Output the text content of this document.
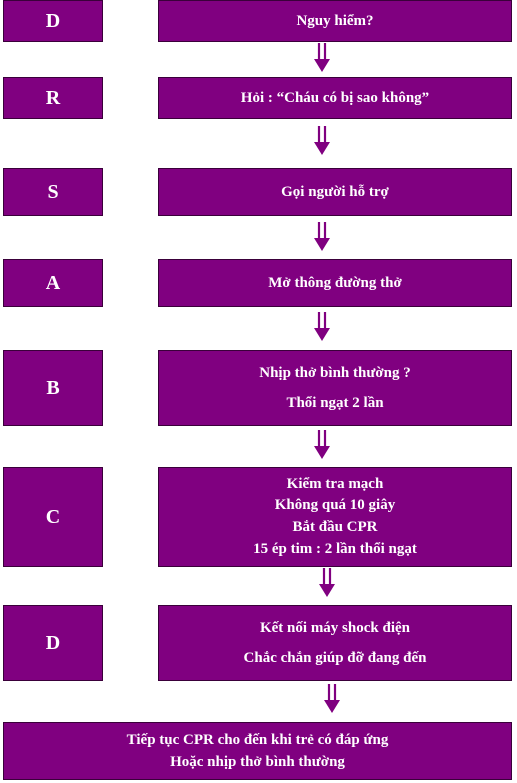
D
R
S
A
B
C
D
Nguy hiểm?
Hỏi : “Cháu có bị sao không”
Gọi người hỗ trợ
Mở thông đường thở
Nhịp thở bình thường ?
Thổi ngạt 2 lần
Kiểm tra mạch
Không quá 10 giây
Bắt đầu CPR
15 ép tim : 2 lần thổi ngạt
Kết nối máy shock điện
Chắc chắn giúp đỡ đang đến
Tiếp tục CPR cho đến khi trẻ có đáp ứng
Hoặc nhịp thở bình thường
